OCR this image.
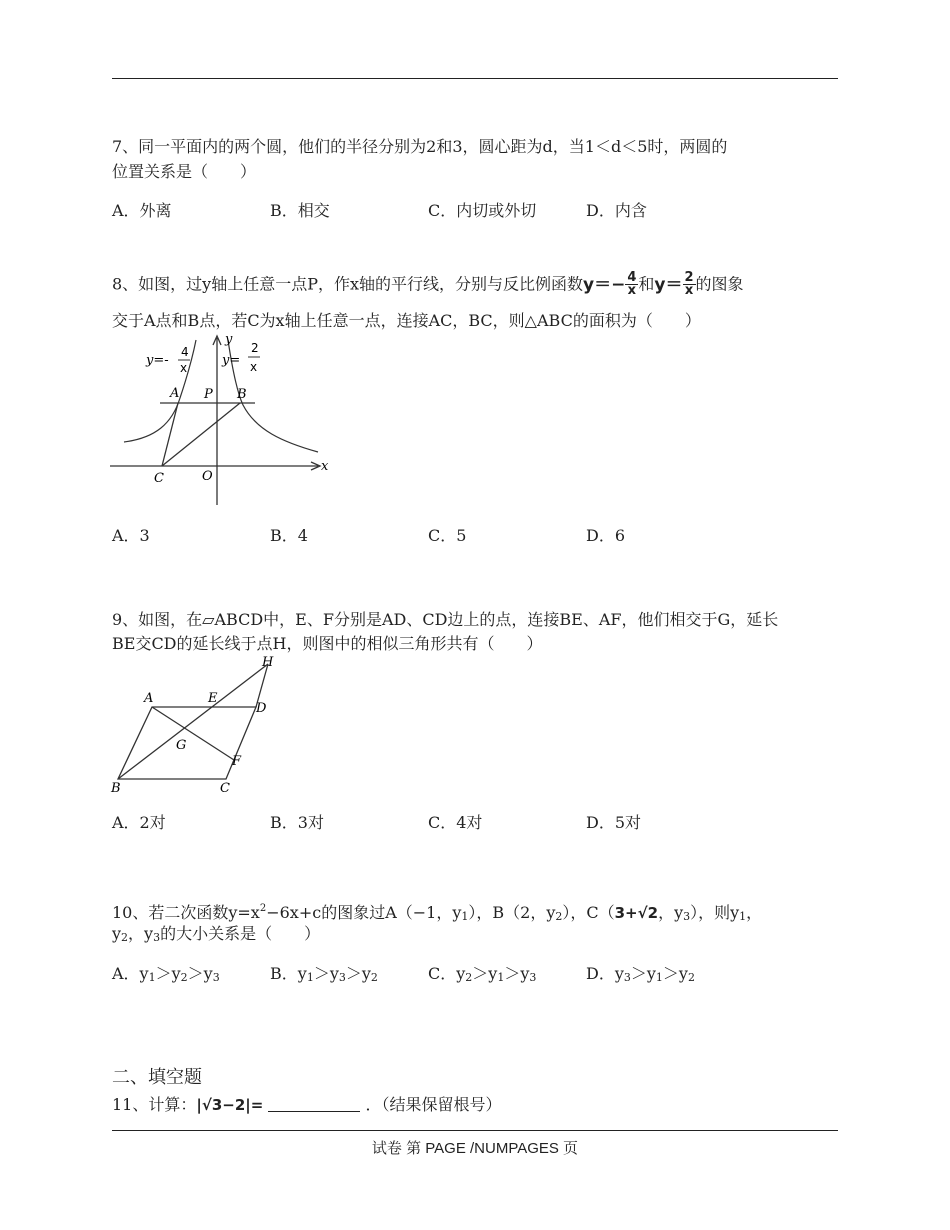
7、同一平面内的两个圆，他们的半径分别为2和3，圆心距为d，当1＜d＜5时，两圆的
位置关系是（　　）
A．外离	B．相交	C．内切或外切	D．内含
8、如图，过y轴上任意一点P，作x轴的平行线，分别与反比例函数$y=- \frac{4}{x}$ 和$y= \frac{2}{x}$ 的图象
交于A点和B点，若C为x轴上任意一点，连接AC，BC，则△ABC的面积为（　　）
y
x
y=-
4
x	y=
2
x
A P B
C	O
A．3	B．4	C．5	D．6
9、如图，在▱ABCD中，E、F分别是AD、CD边上的点，连接BE、AF，他们相交于G，延长
BE交CD的延长线于点H，则图中的相似三角形共有（　　）
A	E
D
H
G
F
B	C
A．2对	B．3对	C．4对	D．5对
10、若二次函数$y=x^2-6x+c$的图象过A（−1，y1），B（2，y2），C（3+√2，y3），则y1，
y2，y3的大小关系是（　　）
A．y1＞y2＞y3	B．y1＞y3＞y2	C．y2＞y1＞y3	D．y3＞y1＞y2
二、填空题
11、计算：|√3−2|=	．（结果保留根号）
试卷 第 PAGE /NUMPAGES 页
